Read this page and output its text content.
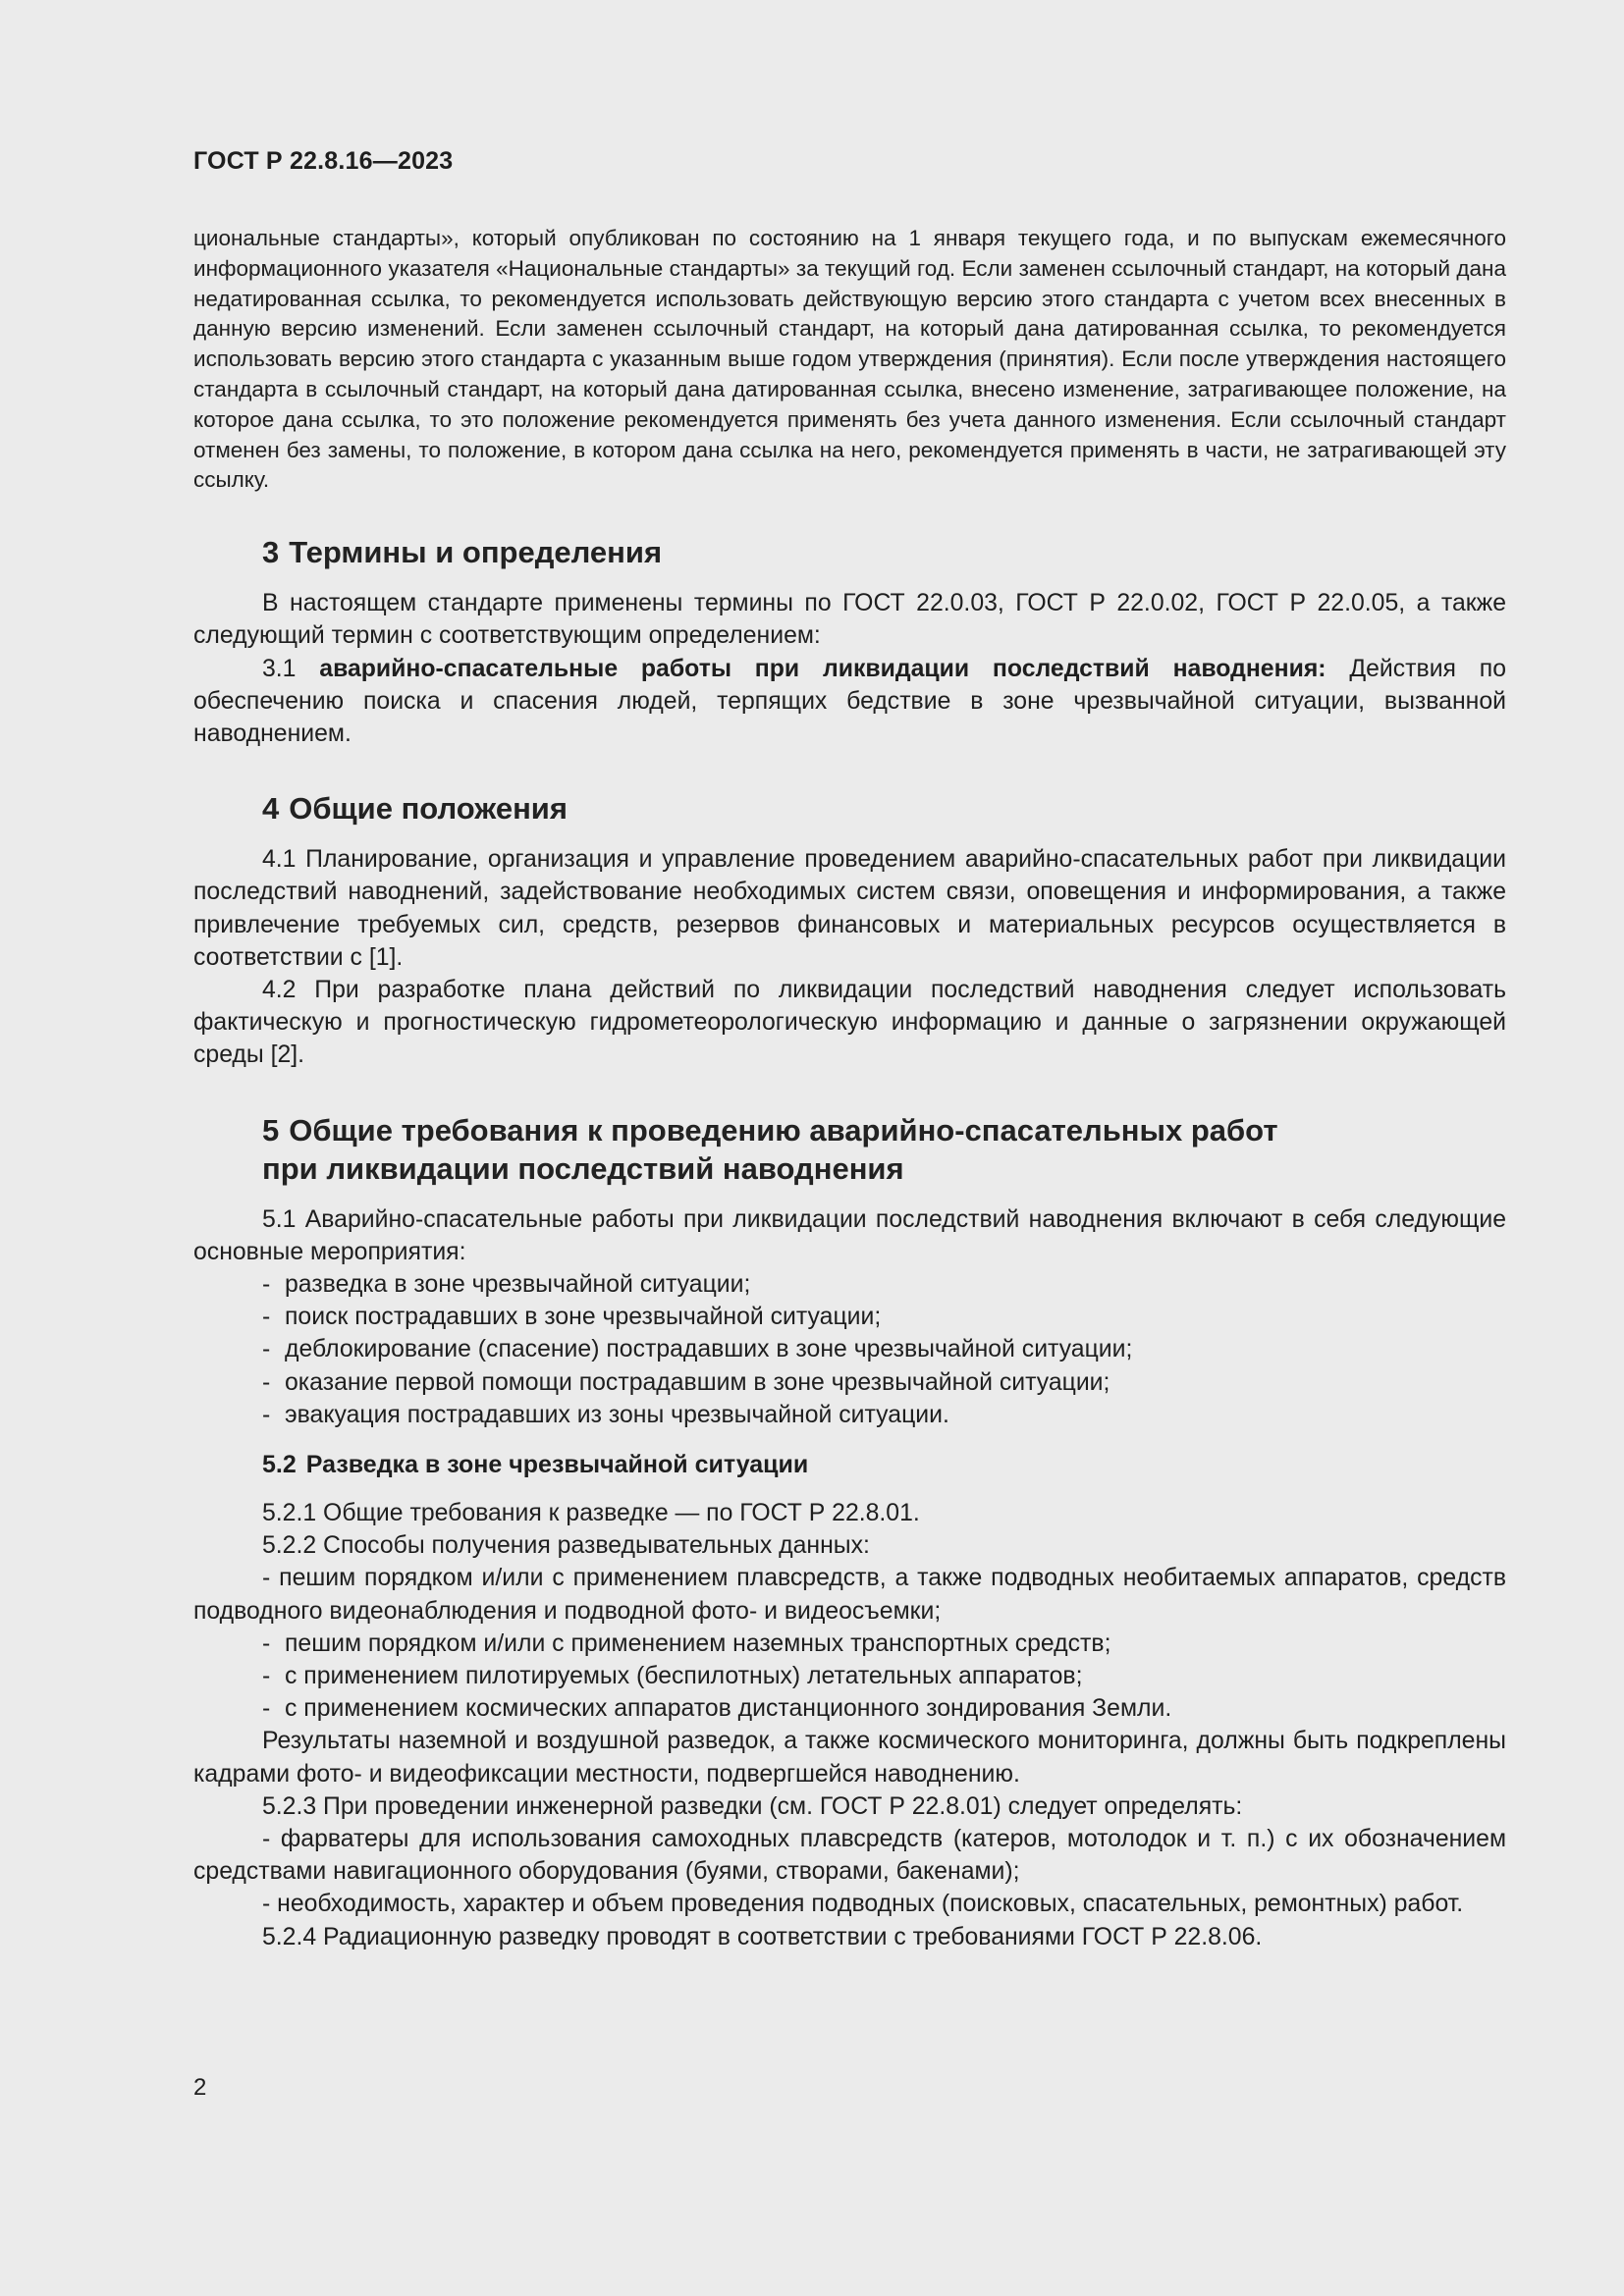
ГОСТ Р 22.8.16—2023

циональные стандарты», который опубликован по состоянию на 1 января текущего года, и по выпускам ежемесячного информационного указателя «Национальные стандарты» за текущий год. Если заменен ссылочный стандарт, на который дана недатированная ссылка, то рекомендуется использовать действующую версию этого стандарта с учетом всех внесенных в данную версию изменений. Если заменен ссылочный стандарт, на который дана датированная ссылка, то рекомендуется использовать версию этого стандарта с указанным выше годом утверждения (принятия). Если после утверждения настоящего стандарта в ссылочный стандарт, на который дана датированная ссылка, внесено изменение, затрагивающее положение, на которое дана ссылка, то это положение рекомендуется применять без учета данного изменения. Если ссылочный стандарт отменен без замены, то положение, в котором дана ссылка на него, рекомендуется применять в части, не затрагивающей эту ссылку.

3 Термины и определения

В настоящем стандарте применены термины по ГОСТ 22.0.03, ГОСТ Р 22.0.02, ГОСТ Р 22.0.05, а также следующий термин с соответствующим определением:

3.1 аварийно-спасательные работы при ликвидации последствий наводнения: Действия по обеспечению поиска и спасения людей, терпящих бедствие в зоне чрезвычайной ситуации, вызванной наводнением.

4 Общие положения

4.1 Планирование, организация и управление проведением аварийно-спасательных работ при ликвидации последствий наводнений, задействование необходимых систем связи, оповещения и информирования, а также привлечение требуемых сил, средств, резервов финансовых и материальных ресурсов осуществляется в соответствии с [1].

4.2 При разработке плана действий по ликвидации последствий наводнения следует использовать фактическую и прогностическую гидрометеорологическую информацию и данные о загрязнении окружающей среды [2].

5 Общие требования к проведению аварийно-спасательных работ
при ликвидации последствий наводнения

5.1 Аварийно-спасательные работы при ликвидации последствий наводнения включают в себя следующие основные мероприятия:

- разведка в зоне чрезвычайной ситуации;

- поиск пострадавших в зоне чрезвычайной ситуации;

- деблокирование (спасение) пострадавших в зоне чрезвычайной ситуации;

- оказание первой помощи пострадавшим в зоне чрезвычайной ситуации;

- эвакуация пострадавших из зоны чрезвычайной ситуации.

5.2 Разведка в зоне чрезвычайной ситуации

5.2.1 Общие требования к разведке — по ГОСТ Р 22.8.01.

5.2.2 Способы получения разведывательных данных:

- пешим порядком и/или с применением плавсредств, а также подводных необитаемых аппаратов, средств подводного видеонаблюдения и подводной фото- и видеосъемки;

- пешим порядком и/или с применением наземных транспортных средств;

- с применением пилотируемых (беспилотных) летательных аппаратов;

- с применением космических аппаратов дистанционного зондирования Земли.

Результаты наземной и воздушной разведок, а также космического мониторинга, должны быть подкреплены кадрами фото- и видеофиксации местности, подвергшейся наводнению.

5.2.3 При проведении инженерной разведки (см. ГОСТ Р 22.8.01) следует определять:

- фарватеры для использования самоходных плавсредств (катеров, мотолодок и т. п.) с их обозначением средствами навигационного оборудования (буями, створами, бакенами);

- необходимость, характер и объем проведения подводных (поисковых, спасательных, ремонтных) работ.

5.2.4 Радиационную разведку проводят в соответствии с требованиями ГОСТ Р 22.8.06.

2
